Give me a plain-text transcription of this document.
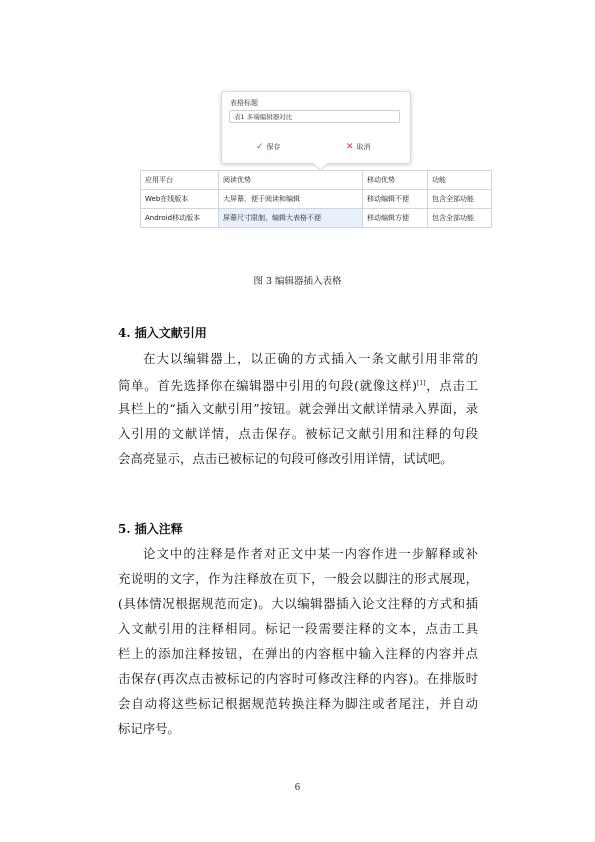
表格标题
表1 多端编辑器对比
✓ 保存	✕ 取消
应用平台	阅读优势	移动优势	功能
Web在线版本	大屏幕，便于阅读和编辑	移动编辑不便	包含全部功能
Android移动版本	屏幕尺寸限制，编辑大表格不便	移动编辑方便	包含全部功能
图 3 编辑器插入表格
4. 插入文献引用
在大以编辑器上，以正确的方式插入一条文献引用非常的
简单。首先选择你在编辑器中引用的句段(就像这样)[1]，点击工
具栏上的“插入文献引用”按钮。就会弹出文献详情录入界面，录
入引用的文献详情，点击保存。被标记文献引用和注释的句段
会高亮显示，点击已被标记的句段可修改引用详情，试试吧。
5. 插入注释
论文中的注释是作者对正文中某一内容作进一步解释或补
充说明的文字，作为注释放在页下，一般会以脚注的形式展现，
(具体情况根据规范而定)。大以编辑器插入论文注释的方式和插
入文献引用的注释相同。标记一段需要注释的文本，点击工具
栏上的添加注释按钮，在弹出的内容框中输入注释的内容并点
击保存(再次点击被标记的内容时可修改注释的内容)。在排版时
会自动将这些标记根据规范转换注释为脚注或者尾注，并自动
标记序号。
6
